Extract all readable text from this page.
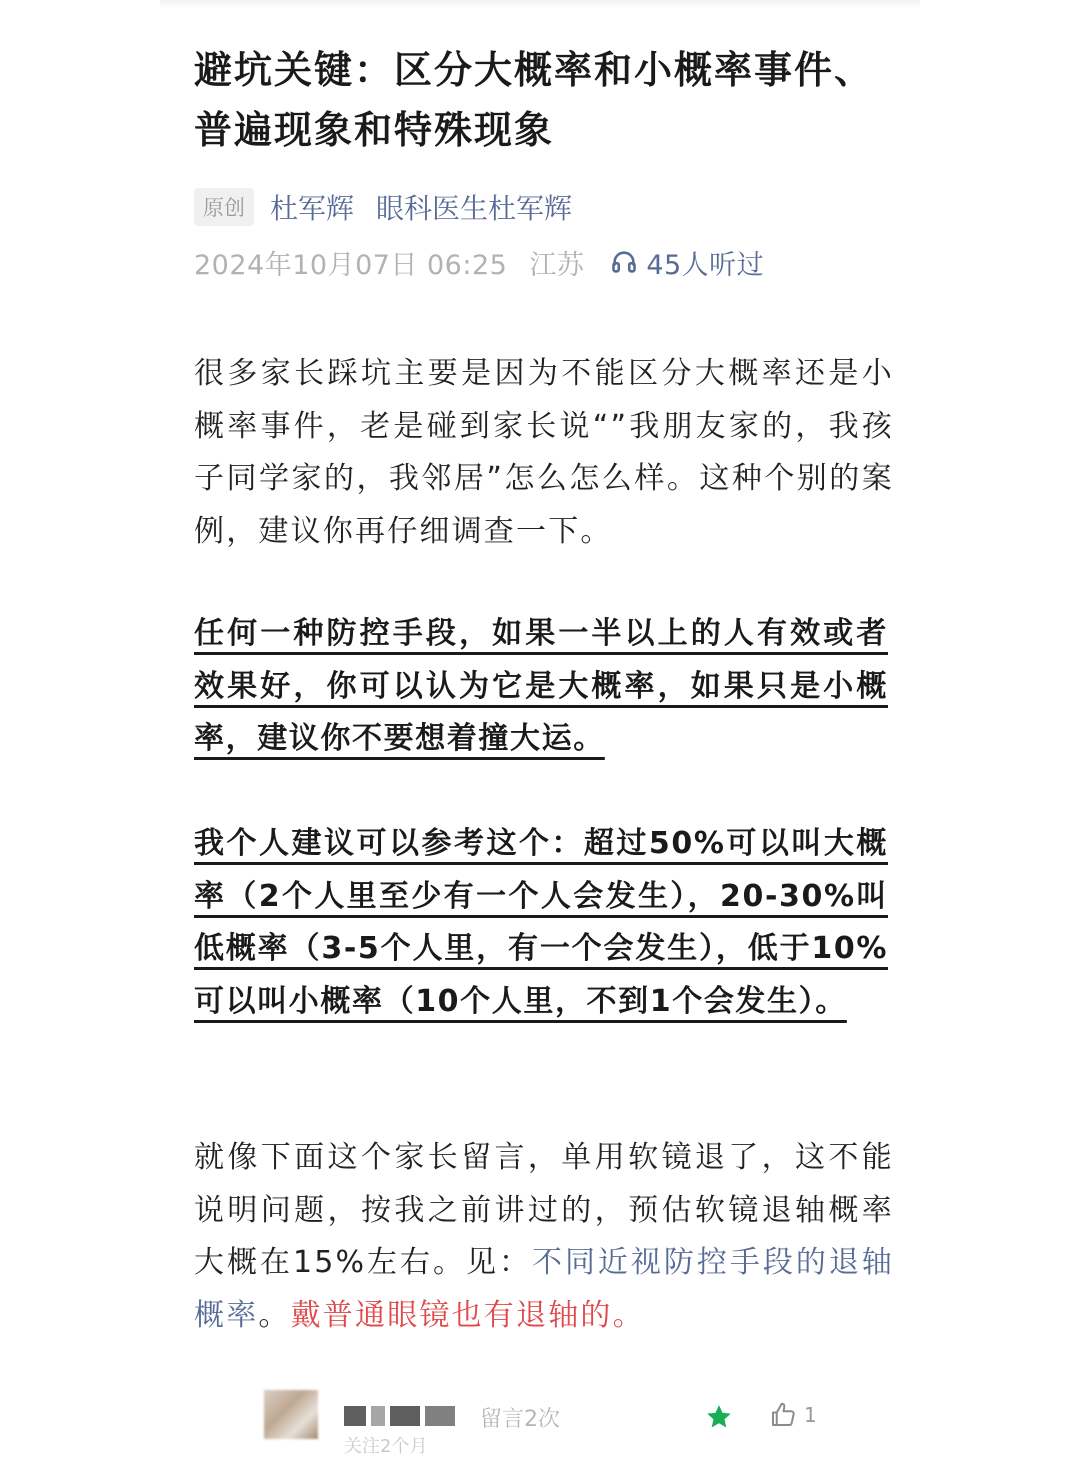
避坑关键：区分大概率和小概率事件、普遍现象和特殊现象
原创 杜军辉 眼科医生杜军辉
2024年10月07日 06:25 江苏 45人听过

很多家长踩坑主要是因为不能区分大概率还是小概率事件，老是碰到家长说“”我朋友家的，我孩子同学家的，我邻居”怎么怎么样。这种个别的案例，建议你再仔细调查一下。

任何一种防控手段，如果一半以上的人有效或者效果好，你可以认为它是大概率，如果只是小概率，建议你不要想着撞大运。

我个人建议可以参考这个：超过50%可以叫大概率（2个人里至少有一个人会发生），20-30%叫低概率（3-5个人里，有一个会发生），低于10%可以叫小概率（10个人里，不到1个会发生）。

就像下面这个家长留言，单用软镜退了，这不能说明问题，按我之前讲过的，预估软镜退轴概率大概在15%左右。见：不同近视防控手段的退轴概率。戴普通眼镜也有退轴的。

留言2次	1
关注2个月
